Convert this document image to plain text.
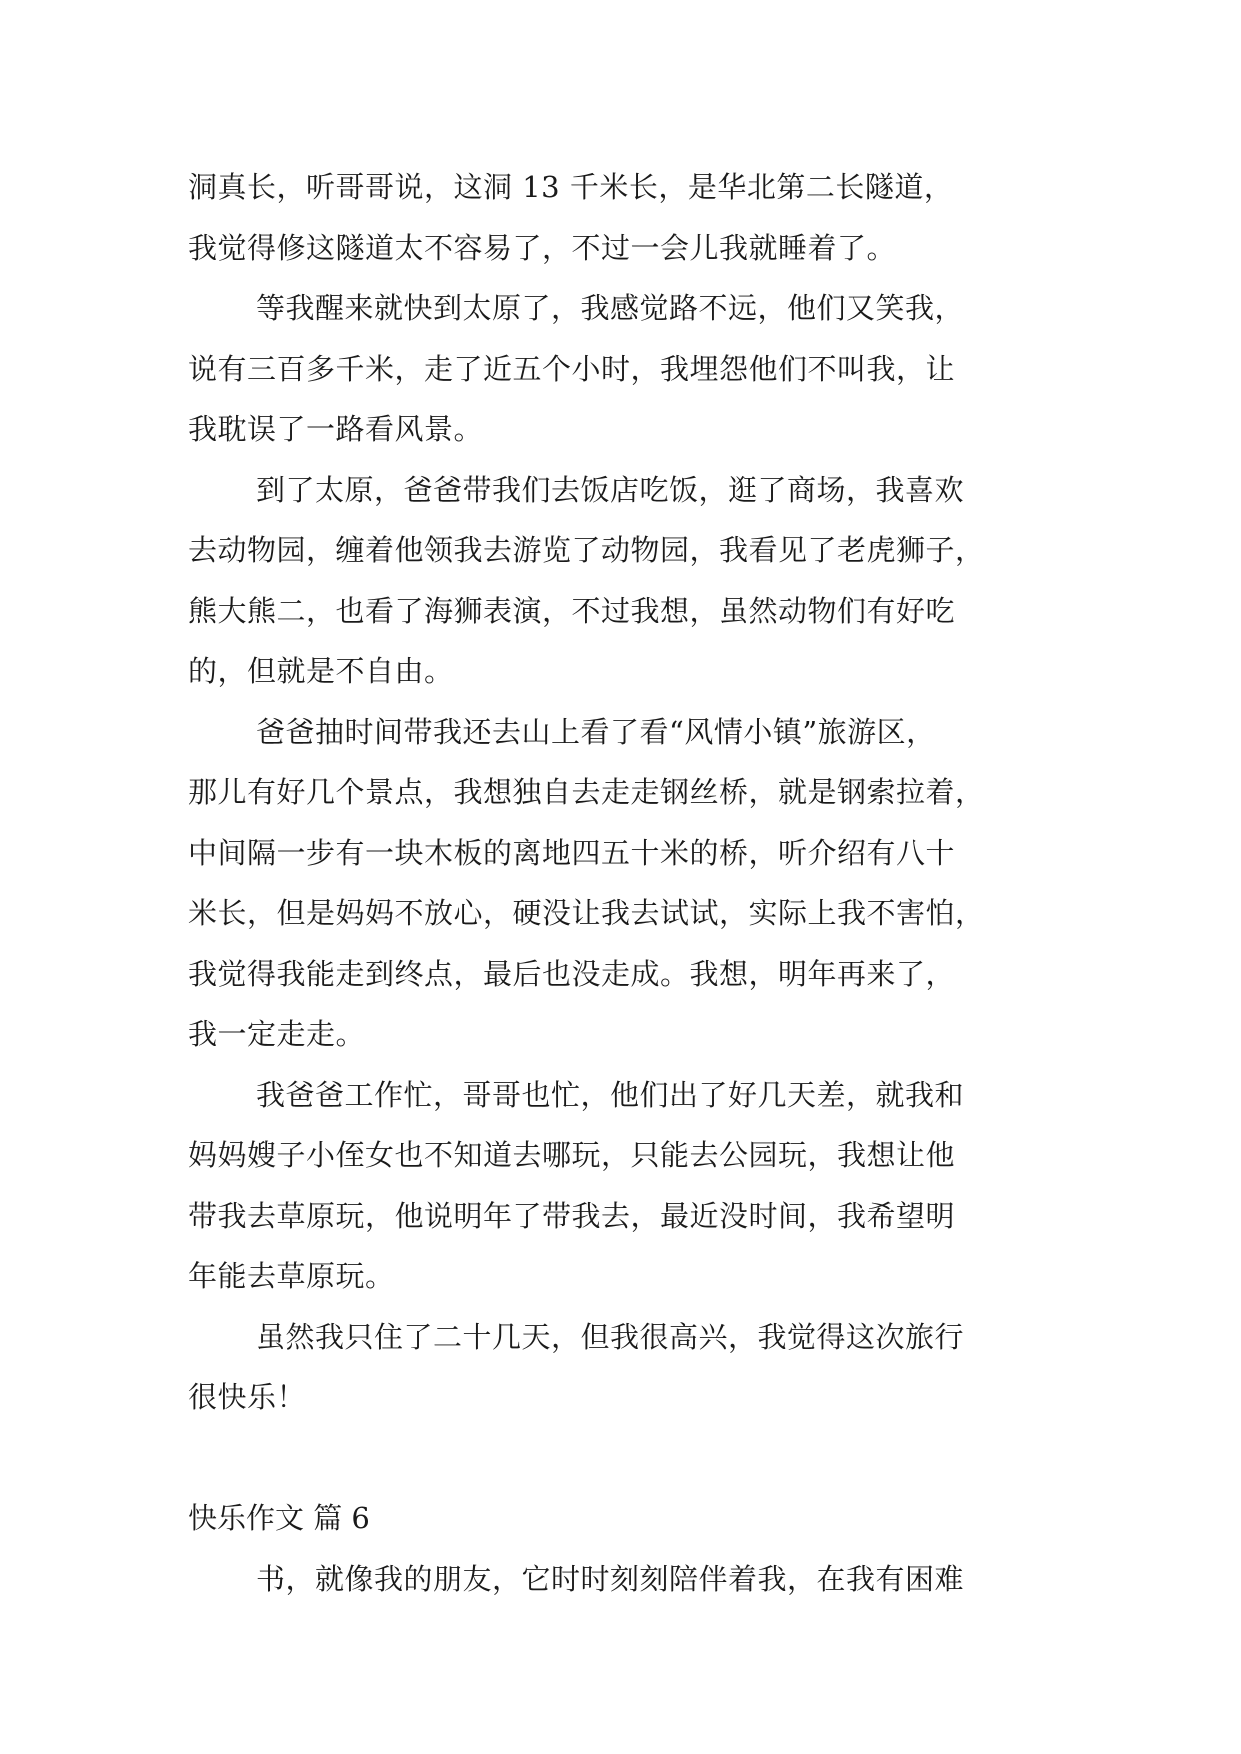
洞真长，听哥哥说，这洞 13 千米长，是华北第二长隧道，
我觉得修这隧道太不容易了，不过一会儿我就睡着了。
等我醒来就快到太原了，我感觉路不远，他们又笑我，
说有三百多千米，走了近五个小时，我埋怨他们不叫我，让
我耽误了一路看风景。
到了太原，爸爸带我们去饭店吃饭，逛了商场，我喜欢
去动物园，缠着他领我去游览了动物园，我看见了老虎狮子，
熊大熊二，也看了海狮表演，不过我想，虽然动物们有好吃
的，但就是不自由。
爸爸抽时间带我还去山上看了看“风情小镇”旅游区，
那儿有好几个景点，我想独自去走走钢丝桥，就是钢索拉着，
中间隔一步有一块木板的离地四五十米的桥，听介绍有八十
米长，但是妈妈不放心，硬没让我去试试，实际上我不害怕，
我觉得我能走到终点，最后也没走成。我想，明年再来了，
我一定走走。
我爸爸工作忙，哥哥也忙，他们出了好几天差，就我和
妈妈嫂子小侄女也不知道去哪玩，只能去公园玩，我想让他
带我去草原玩，他说明年了带我去，最近没时间，我希望明
年能去草原玩。
虽然我只住了二十几天，但我很高兴，我觉得这次旅行
很快乐！
快乐作文 篇 6
书，就像我的朋友，它时时刻刻陪伴着我，在我有困难
